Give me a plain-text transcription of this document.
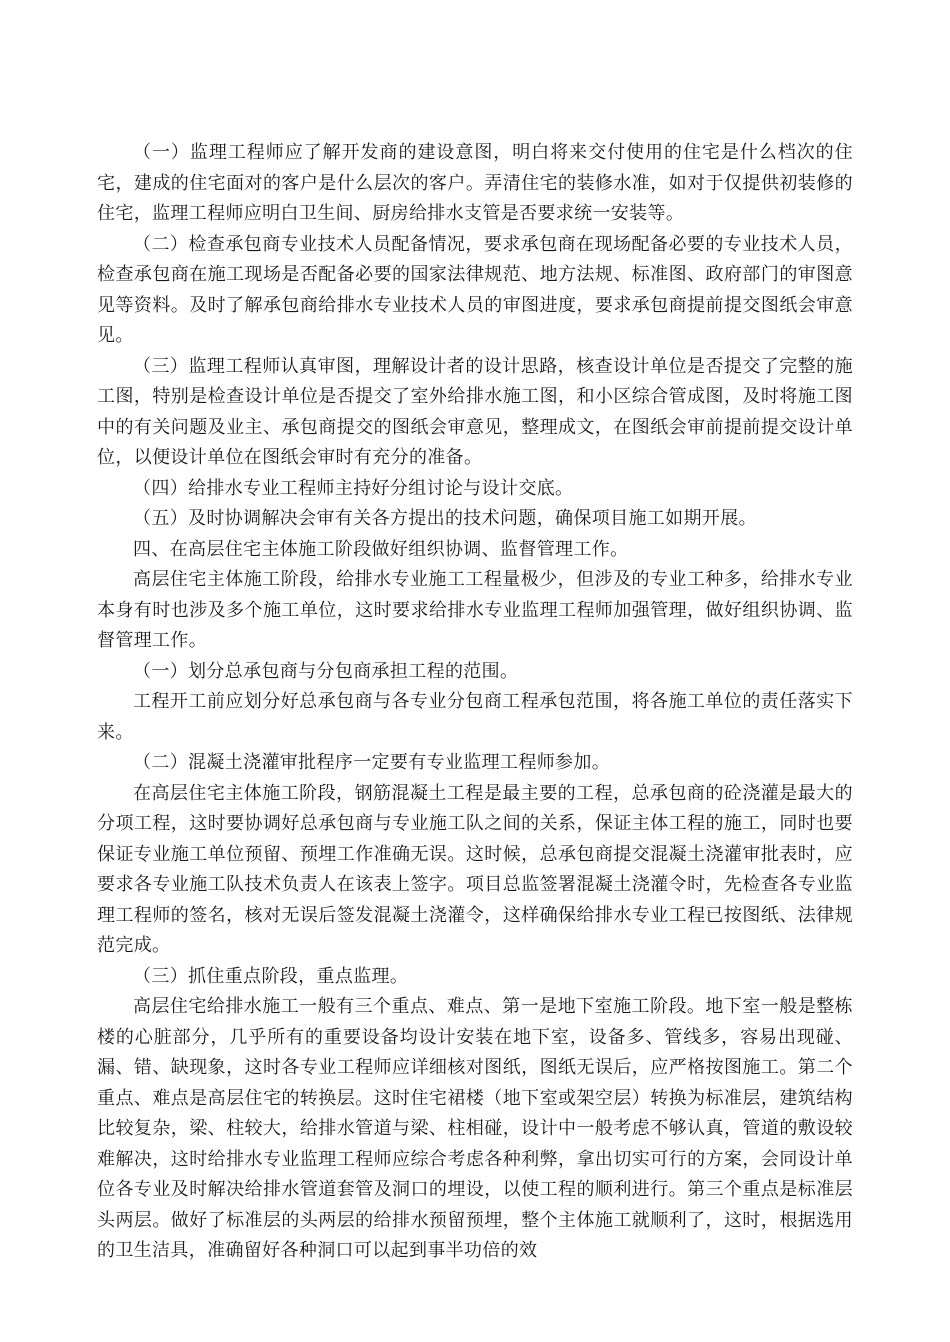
（一）监理工程师应了解开发商的建设意图，明白将来交付使用的住宅是什么档次的住宅，建成的住宅面对的客户是什么层次的客户。弄清住宅的装修水准，如对于仅提供初装修的住宅，监理工程师应明白卫生间、厨房给排水支管是否要求统一安装等。

（二）检查承包商专业技术人员配备情况，要求承包商在现场配备必要的专业技术人员，检查承包商在施工现场是否配备必要的国家法律规范、地方法规、标准图、政府部门的审图意见等资料。及时了解承包商给排水专业技术人员的审图进度，要求承包商提前提交图纸会审意见。

（三）监理工程师认真审图，理解设计者的设计思路，核查设计单位是否提交了完整的施工图，特别是检查设计单位是否提交了室外给排水施工图，和小区综合管成图，及时将施工图中的有关问题及业主、承包商提交的图纸会审意见，整理成文，在图纸会审前提前提交设计单位，以便设计单位在图纸会审时有充分的准备。

（四）给排水专业工程师主持好分组讨论与设计交底。

（五）及时协调解决会审有关各方提出的技术问题，确保项目施工如期开展。

四、在高层住宅主体施工阶段做好组织协调、监督管理工作。

高层住宅主体施工阶段，给排水专业施工工程量极少，但涉及的专业工种多，给排水专业本身有时也涉及多个施工单位，这时要求给排水专业监理工程师加强管理，做好组织协调、监督管理工作。

（一）划分总承包商与分包商承担工程的范围。

工程开工前应划分好总承包商与各专业分包商工程承包范围，将各施工单位的责任落实下来。

（二）混凝土浇灌审批程序一定要有专业监理工程师参加。

在高层住宅主体施工阶段，钢筋混凝土工程是最主要的工程，总承包商的砼浇灌是最大的分项工程，这时要协调好总承包商与专业施工队之间的关系，保证主体工程的施工，同时也要保证专业施工单位预留、预埋工作准确无误。这时候，总承包商提交混凝土浇灌审批表时，应要求各专业施工队技术负责人在该表上签字。项目总监签署混凝土浇灌令时，先检查各专业监理工程师的签名，核对无误后签发混凝土浇灌令，这样确保给排水专业工程已按图纸、法律规范完成。

（三）抓住重点阶段，重点监理。

高层住宅给排水施工一般有三个重点、难点、第一是地下室施工阶段。地下室一般是整栋楼的心脏部分，几乎所有的重要设备均设计安装在地下室，设备多、管线多，容易出现碰、漏、错、缺现象，这时各专业工程师应详细核对图纸，图纸无误后，应严格按图施工。第二个重点、难点是高层住宅的转换层。这时住宅裙楼（地下室或架空层）转换为标准层，建筑结构比较复杂，梁、柱较大，给排水管道与梁、柱相碰，设计中一般考虑不够认真，管道的敷设较难解决，这时给排水专业监理工程师应综合考虑各种利弊，拿出切实可行的方案，会同设计单位各专业及时解决给排水管道套管及洞口的埋设，以使工程的顺利进行。第三个重点是标准层头两层。做好了标准层的头两层的给排水预留预埋，整个主体施工就顺利了，这时，根据选用的卫生洁具，准确留好各种洞口可以起到事半功倍的效
